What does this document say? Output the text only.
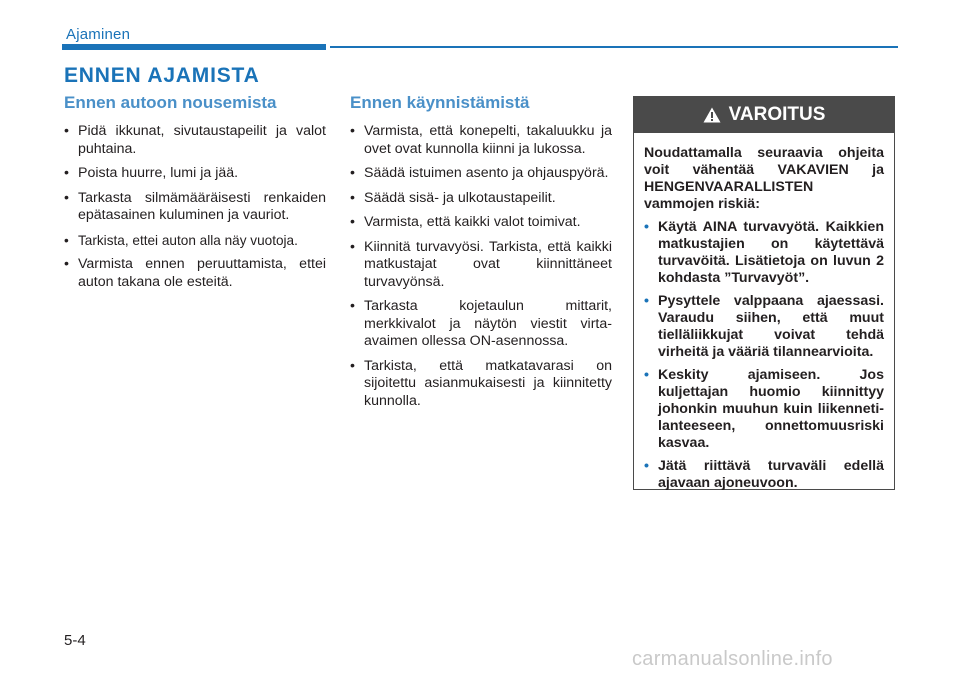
Ajaminen
ENNEN AJAMISTA
Ennen autoon nousemista
• Pidä ikkunat, sivutaustapeilit ja valot puhtaina.
• Poista huurre, lumi ja jää.
• Tarkasta silmämääräisesti renkaiden epätasainen kuluminen ja vauriot.
• Tarkista, ettei auton alla näy vuotoja.
• Varmista ennen peruuttamista, ettei auton takana ole esteitä.
Ennen käynnistämistä
• Varmista, että konepelti, takaluukku ja ovet ovat kunnolla kiinni ja lukossa.
• Säädä istuimen asento ja ohjauspyörä.
• Säädä sisä- ja ulkotaustapeilit.
• Varmista, että kaikki valot toimivat.
• Kiinnitä turvavyösi. Tarkista, että kaikki matkustajat ovat kiinnittäneet turvavyönsä.
• Tarkasta kojetaulun mittarit, merkkivalot ja näytön viestit virta-avaimen ollessa ON-asennossa.
• Tarkista, että matkatavarasi on sijoitettu asianmukaisesti ja kiinnitetty kunnolla.
VAROITUS

Noudattamalla seuraavia ohjeita voit vähentää VAKAVIEN ja HENGENVAARALLISTEN vammojen riskiä:

• Käytä AINA turvavyötä. Kaikkien matkustajien on käytettävä turvavöitä. Lisätietoja on luvun 2 kohdasta ”Turvavyöt”.
• Pysyttele valppaana ajaessasi. Varaudu siihen, että muut tielläliikkujat voivat tehdä virheitä ja vääriä tilannearvioita.
• Keskity ajamiseen. Jos kuljettajan huomio kiinnittyy johonkin muuhun kuin liikennetilanteeseen, onnettomuusriski kasvaa.
• Jätä riittävä turvaväli edellä ajavaan ajoneuvoon.
5-4
carmanualsonline.info
